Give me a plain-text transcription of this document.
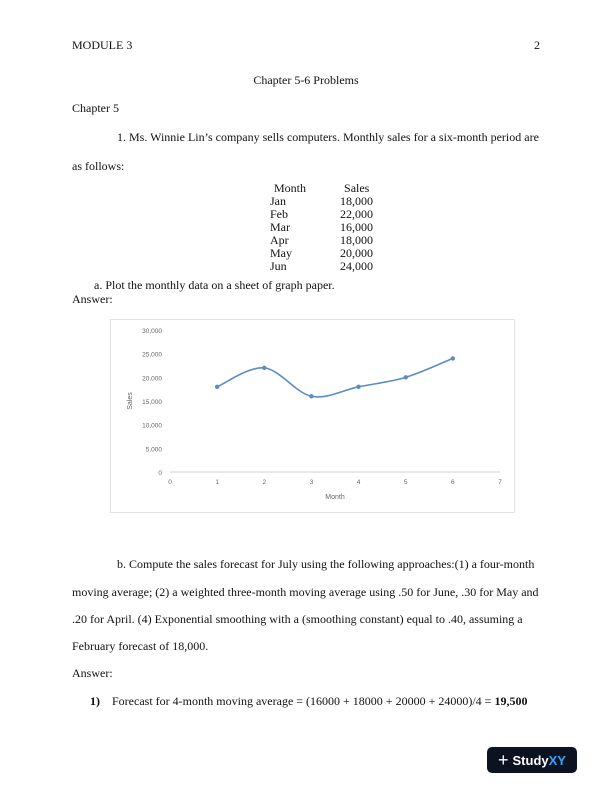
MODULE 3	2
Chapter 5-6 Problems
Chapter 5
1. Ms. Winnie Lin’s company sells computers. Monthly sales for a six-month period are
as follows:
Month	Sales
Jan	18,000
Feb	22,000
Mar	16,000
Apr	18,000
May	20,000
Jun	24,000
a. Plot the monthly data on a sheet of graph paper.
Answer:
0
5,000
10,000
15,000
20,000
25,000
30,000
0	1	2	3	4	5	6	7
Month
Sales
b. Compute the sales forecast for July using the following approaches:(1) a four-month
moving average; (2) a weighted three-month moving average using .50 for June, .30 for May and
.20 for April. (4) Exponential smoothing with a (smoothing constant) equal to .40, assuming a
February forecast of 18,000.
Answer:
1) Forecast for 4-month moving average = (16000 + 18000 + 20000 + 24000)/4 = 19,500
+ Study XY
